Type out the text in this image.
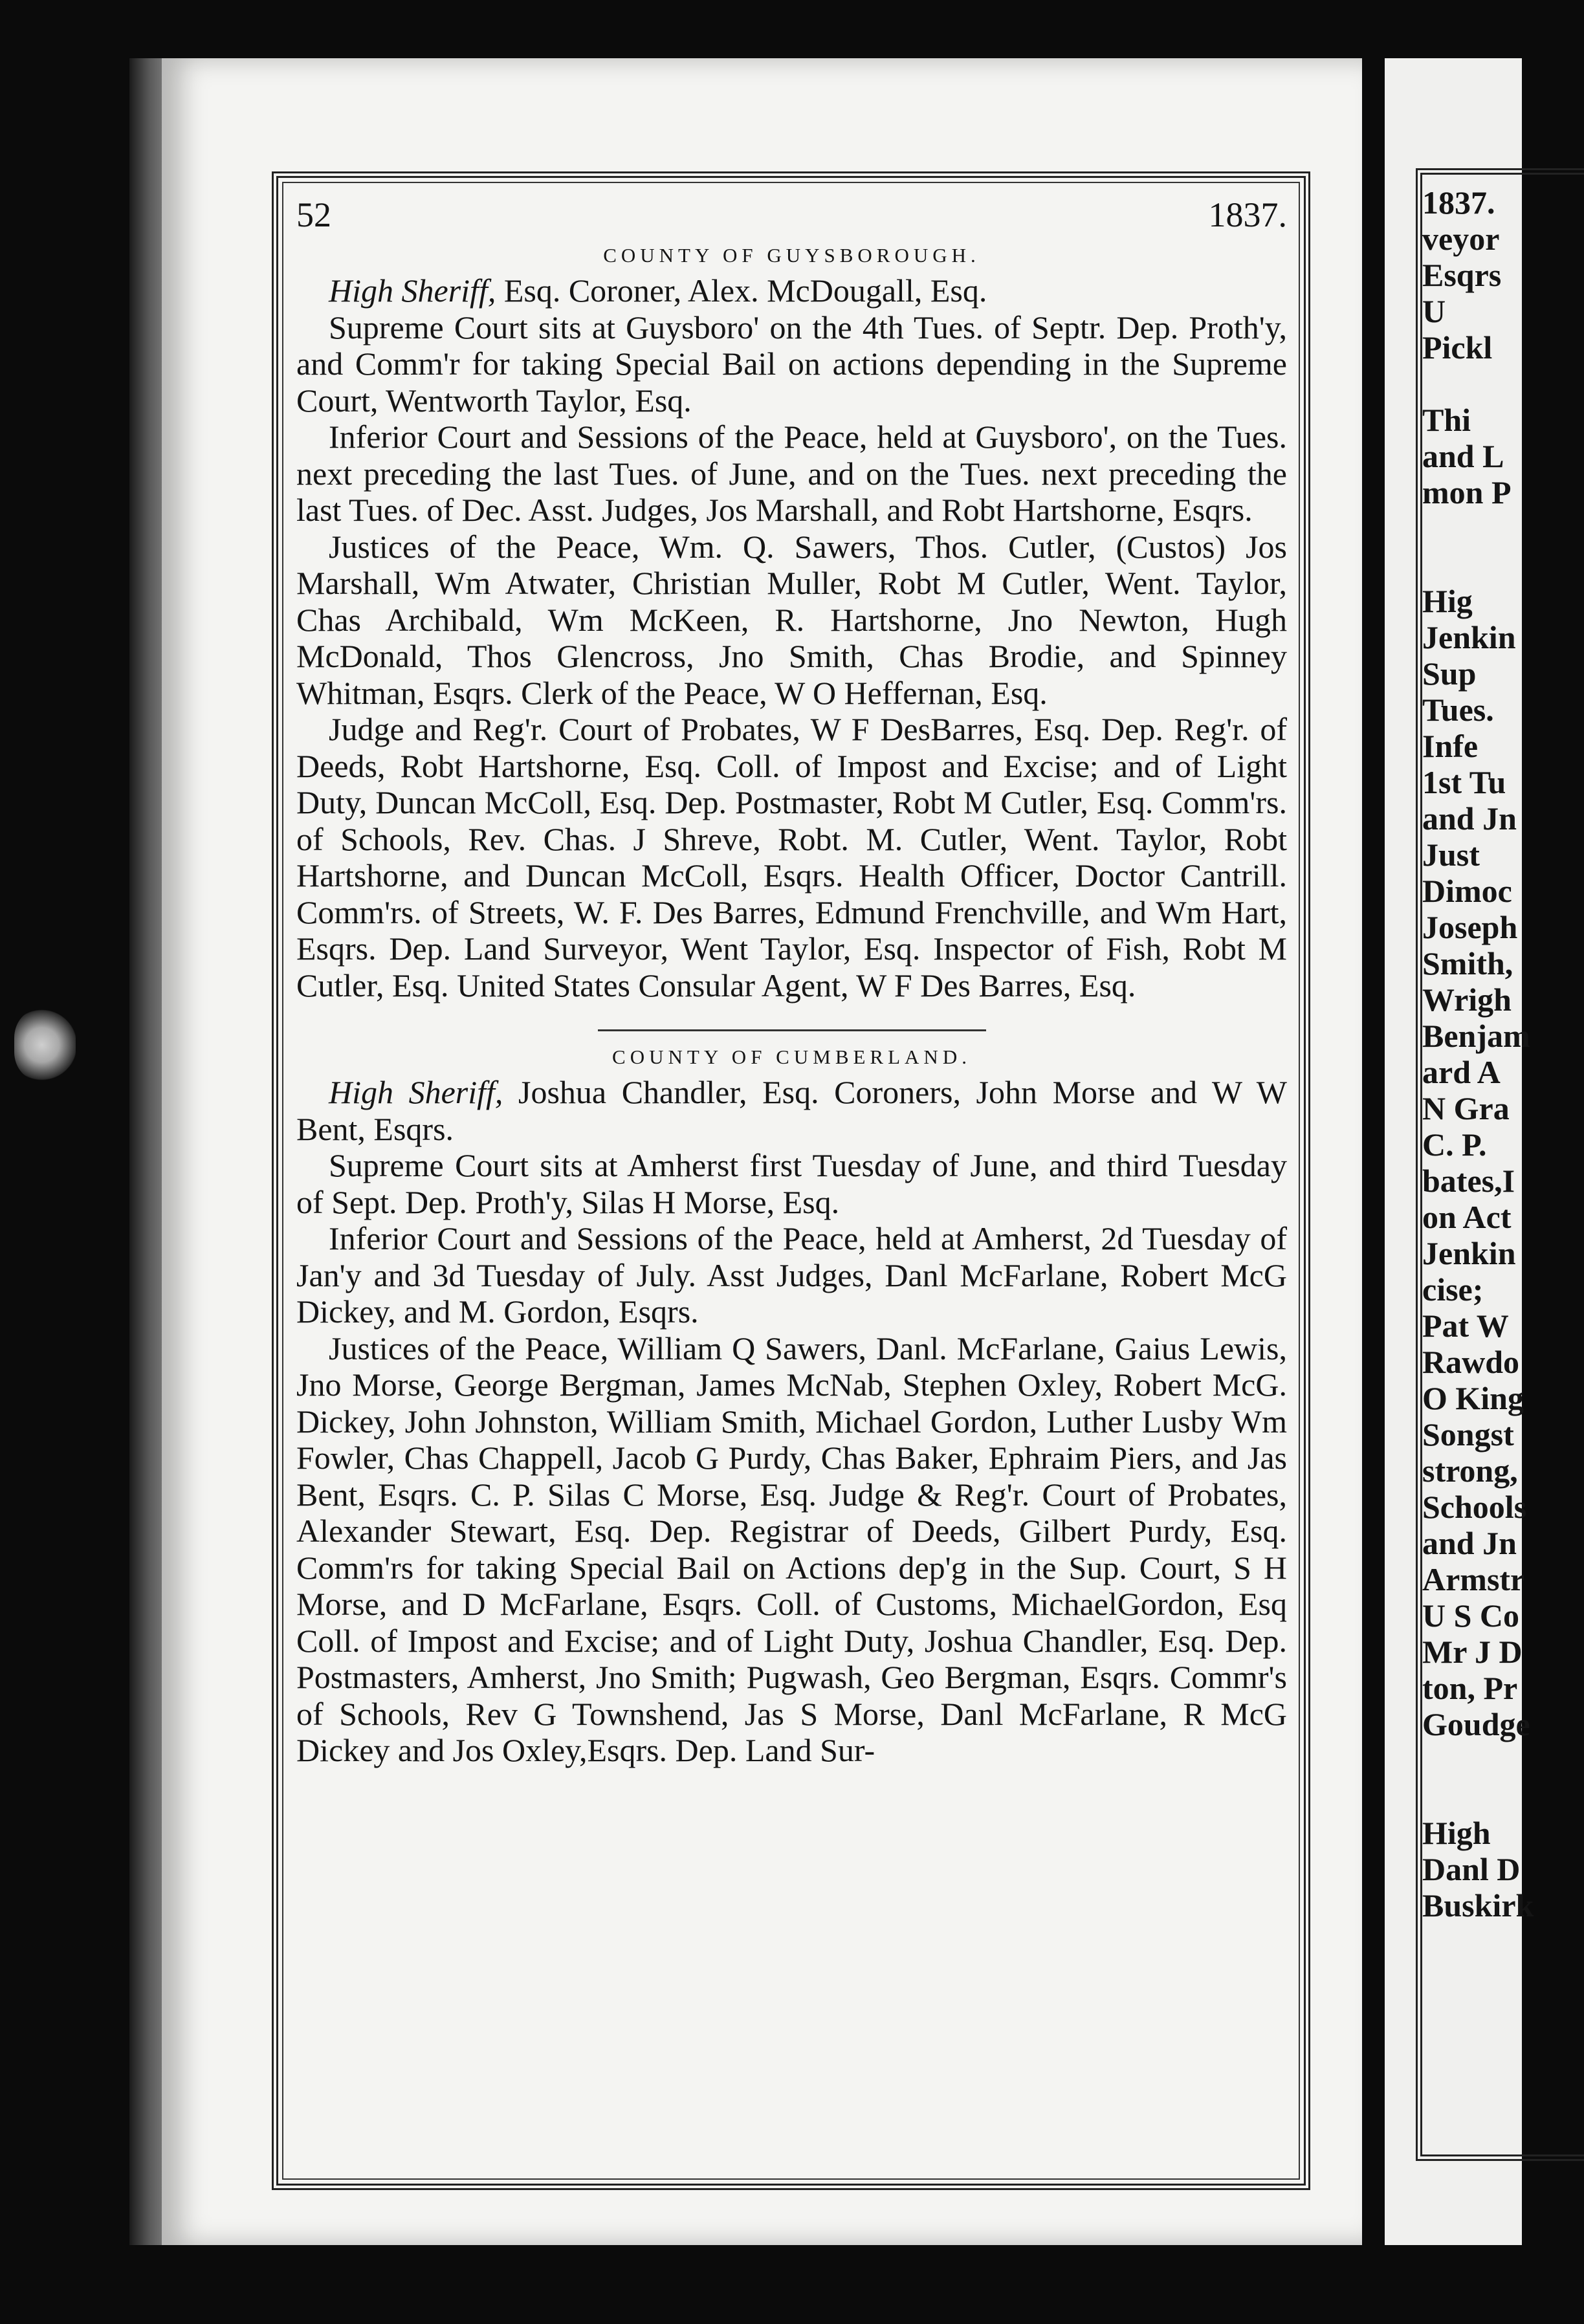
52	1837.
COUNTY OF GUYSBOROUGH.

High Sheriff, Esq. Coroner, Alex. McDougall, Esq.

Supreme Court sits at Guysboro' on the 4th Tues. of Septr. Dep. Proth'y, and Comm'r for taking Special Bail on actions depending in the Supreme Court, Wentworth Taylor, Esq.

Inferior Court and Sessions of the Peace, held at Guysboro', on the Tues. next preceding the last Tues. of June, and on the Tues. next preceding the last Tues. of Dec. Asst. Judges, Jos Marshall, and Robt Hartshorne, Esqrs.

Justices of the Peace, Wm. Q. Sawers, Thos. Cutler, (Custos) Jos Marshall, Wm Atwater, Christian Muller, Robt M Cutler, Went. Taylor, Chas Archibald, Wm McKeen, R. Hartshorne, Jno Newton, Hugh McDonald, Thos Glencross, Jno Smith, Chas Brodie, and Spinney Whitman, Esqrs. Clerk of the Peace, W O Heffernan, Esq.

Judge and Reg'r. Court of Probates, W F DesBarres, Esq. Dep. Reg'r. of Deeds, Robt Hartshorne, Esq. Coll. of Impost and Excise; and of Light Duty, Duncan McColl, Esq. Dep. Postmaster, Robt M Cutler, Esq. Comm'rs. of Schools, Rev. Chas. J Shreve, Robt. M. Cutler, Went. Taylor, Robt Hartshorne, and Duncan McColl, Esqrs. Health Officer, Doctor Cantrill. Comm'rs. of Streets, W. F. Des Barres, Edmund Frenchville, and Wm Hart, Esqrs. Dep. Land Surveyor, Went Taylor, Esq. Inspector of Fish, Robt M Cutler, Esq. United States Consular Agent, W F Des Barres, Esq.

COUNTY OF CUMBERLAND.

High Sheriff, Joshua Chandler, Esq. Coroners, John Morse and W W Bent, Esqrs.

Supreme Court sits at Amherst first Tuesday of June, and third Tuesday of Sept. Dep. Proth'y, Silas H Morse, Esq.

Inferior Court and Sessions of the Peace, held at Amherst, 2d Tuesday of Jan'y and 3d Tuesday of July. Asst Judges, Danl McFarlane, Robert McG Dickey, and M. Gordon, Esqrs.

Justices of the Peace, William Q Sawers, Danl. McFarlane, Gaius Lewis, Jno Morse, George Bergman, James McNab, Stephen Oxley, Robert McG. Dickey, John Johnston, William Smith, Michael Gordon, Luther Lusby Wm Fowler, Chas Chappell, Jacob G Purdy, Chas Baker, Ephraim Piers, and Jas Bent, Esqrs. C. P. Silas C Morse, Esq. Judge & Reg'r. Court of Probates, Alexander Stewart, Esq. Dep. Registrar of Deeds, Gilbert Purdy, Esq. Comm'rs for taking Special Bail on Actions dep'g in the Sup. Court, S H Morse, and D McFarlane, Esqrs. Coll. of Customs, MichaelGordon, Esq Coll. of Impost and Excise; and of Light Duty, Joshua Chandler, Esq. Dep. Postmasters, Amherst, Jno Smith; Pugwash, Geo Bergman, Esqrs. Commr's of Schools, Rev G Townshend, Jas S Morse, Danl McFarlane, R McG Dickey and Jos Oxley,Esqrs. Dep. Land Sur-

1837.
veyor
Esqrs
U
Pickl
Thi
and L
mon P
Hig
Jenkin
Sup
Tues.
Infe
1st Tu
and Jn
Just
Dimoc
Joseph
Smith,
Wrigh
Benjam
ard A
N Gra
C. P.
bates,I
on Act
Jenkin
cise;
Pat W
Rawdo
O King
Songst
strong,
Schools
and Jn
Armstr
U S Co
Mr J D
ton, Pr
Goudge
High
Danl D
Buskirk
